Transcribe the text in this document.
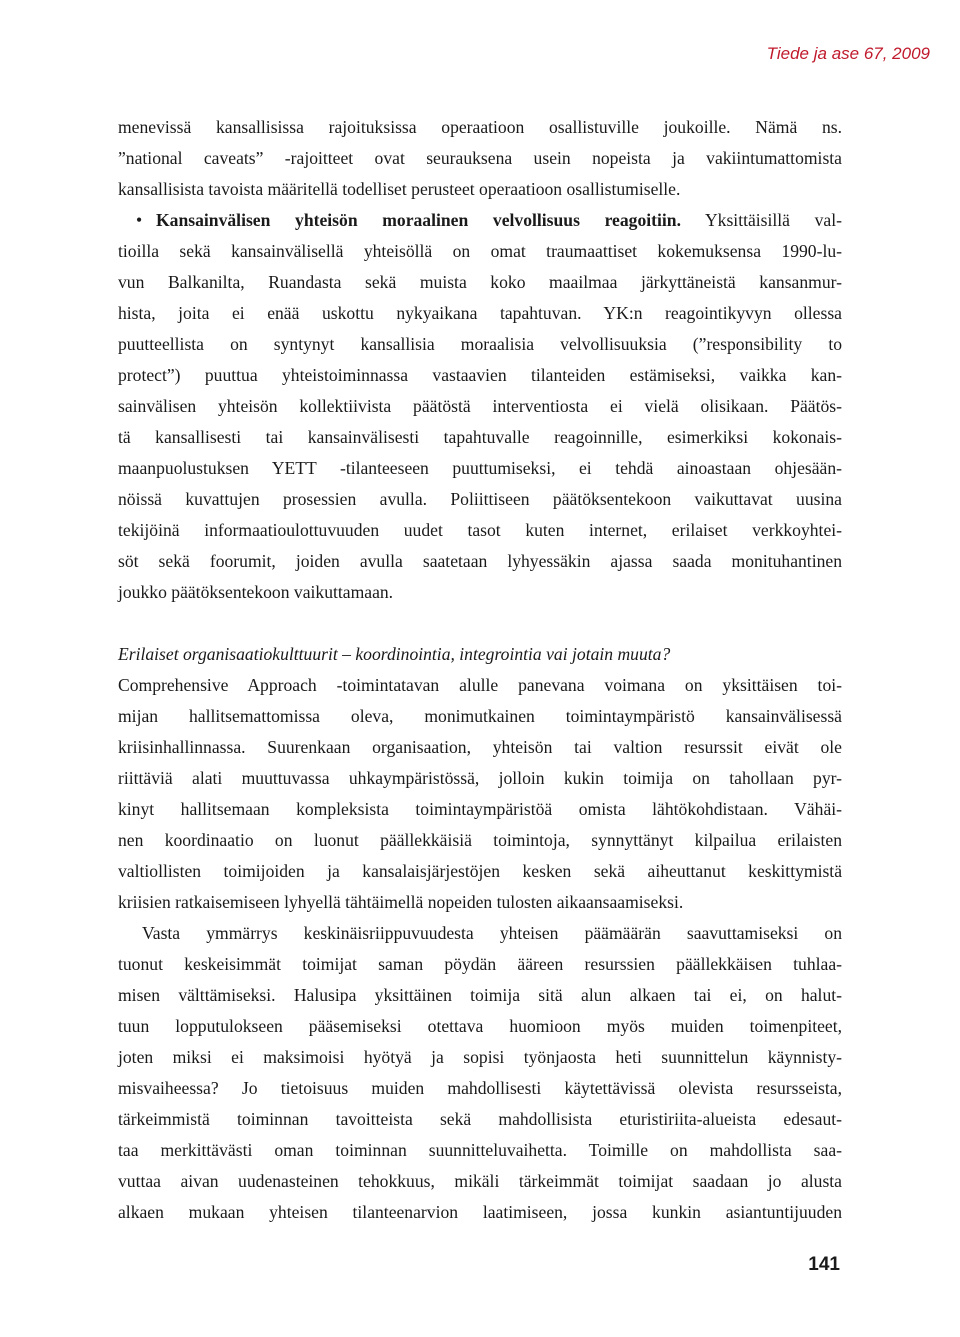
Tiede ja ase 67, 2009
menevissä kansallisissa rajoituksissa operaatioon osallistuville joukoille. Nämä ns.
”national caveats” -rajoitteet ovat seurauksena usein nopeista ja vakiintumattomista
kansallisista tavoista määritellä todelliset perusteet operaatioon osallistumiselle.
• Kansainvälisen yhteisön moraalinen velvollisuus reagoitiin. Yksittäisillä val-
tioilla sekä kansainvälisellä yhteisöllä on omat traumaattiset kokemuksensa 1990-lu-
vun Balkanilta, Ruandasta sekä muista koko maailmaa järkyttäneistä kansanmur-
hista, joita ei enää uskottu nykyaikana tapahtuvan. YK:n reagointikyvyn ollessa
puutteellista on syntynyt kansallisia moraalisia velvollisuuksia (”responsibility to
protect”) puuttua yhteistoiminnassa vastaavien tilanteiden estämiseksi, vaikka kan-
sainvälisen yhteisön kollektiivista päätöstä interventiosta ei vielä olisikaan. Päätös-
tä kansallisesti tai kansainvälisesti tapahtuvalle reagoinnille, esimerkiksi kokonais-
maanpuolustuksen YETT -tilanteeseen puuttumiseksi, ei tehdä ainoastaan ohjesään-
nöissä kuvattujen prosessien avulla. Poliittiseen päätöksentekoon vaikuttavat uusina
tekijöinä informaatioulottuvuuden uudet tasot kuten internet, erilaiset verkkoyhtei-
söt sekä foorumit, joiden avulla saatetaan lyhyessäkin ajassa saada monituhantinen
joukko päätöksentekoon vaikuttamaan.
Erilaiset organisaatiokulttuurit – koordinointia, integrointia vai jotain muuta?
Comprehensive Approach -toimintatavan alulle panevana voimana on yksittäisen toi-
mijan hallitsemattomissa oleva, monimutkainen toimintaympäristö kansainvälisessä
kriisinhallinnassa. Suurenkaan organisaation, yhteisön tai valtion resurssit eivät ole
riittäviä alati muuttuvassa uhkaympäristössä, jolloin kukin toimija on tahollaan pyr-
kinyt hallitsemaan kompleksista toimintaympäristöä omista lähtökohdistaan. Vähäi-
nen koordinaatio on luonut päällekkäisiä toimintoja, synnyttänyt kilpailua erilaisten
valtiollisten toimijoiden ja kansalaisjärjestöjen kesken sekä aiheuttanut keskittymistä
kriisien ratkaisemiseen lyhyellä tähtäimellä nopeiden tulosten aikaansaamiseksi.
Vasta ymmärrys keskinäisriippuvuudesta yhteisen päämäärän saavuttamiseksi on
tuonut keskeisimmät toimijat saman pöydän ääreen resurssien päällekkäisen tuhlaa-
misen välttämiseksi. Halusipa yksittäinen toimija sitä alun alkaen tai ei, on halut-
tuun lopputulokseen pääsemiseksi otettava huomioon myös muiden toimenpiteet,
joten miksi ei maksimoisi hyötyä ja sopisi työnjaosta heti suunnittelun käynnisty-
misvaiheessa? Jo tietoisuus muiden mahdollisesti käytettävissä olevista resursseista,
tärkeimmistä toiminnan tavoitteista sekä mahdollisista eturistiriita-alueista edesaut-
taa merkittävästi oman toiminnan suunnitteluvaihetta. Toimille on mahdollista saa-
vuttaa aivan uudenasteinen tehokkuus, mikäli tärkeimmät toimijat saadaan jo alusta
alkaen mukaan yhteisen tilanteenarvion laatimiseen, jossa kunkin asiantuntijuuden
141
